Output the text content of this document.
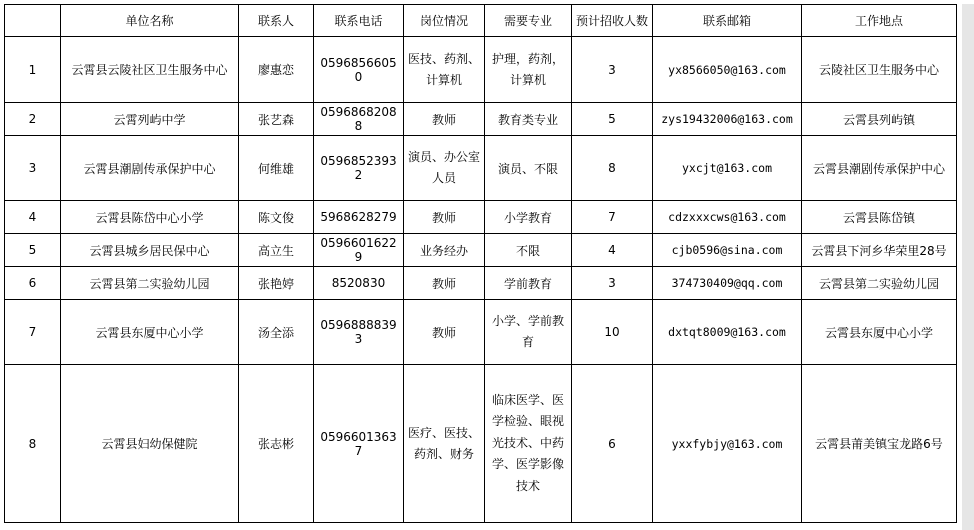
	单位名称	联系人	联系电话	岗位情况	需要专业	预计招收人数	联系邮箱	工作地点
1	云霄县云陵社区卫生服务中心	廖惠恋	05968566050	医技、药剂、计算机	护理，药剂，计算机	3	yx8566050@163.com	云陵社区卫生服务中心
2	云霄列屿中学	张艺森	05968682088	教师	教育类专业	5	zys19432006@163.com	云霄县列屿镇
3	云霄县潮剧传承保护中心	何维雄	05968523932	演员、办公室人员	演员、不限	8	yxcjt@163.com	云霄县潮剧传承保护中心
4	云霄县陈岱中心小学	陈文俊	5968628279	教师	小学教育	7	cdzxxxcws@163.com	云霄县陈岱镇
5	云霄县城乡居民保中心	高立生	05966016229	业务经办	不限	4	cjb0596@sina.com	云霄县下河乡华荣里28号
6	云霄县第二实验幼儿园	张艳婷	8520830	教师	学前教育	3	374730409@qq.com	云霄县第二实验幼儿园
7	云霄县东厦中心小学	汤全添	05968888393	教师	小学、学前教育	10	dxtqt8009@163.com	云霄县东厦中心小学
8	云霄县妇幼保健院	张志彬	05966013637	医疗、医技、药剂、财务	临床医学、医学检验、眼视光技术、中药学、医学影像技术	6	yxxfybjy@163.com	云霄县莆美镇宝龙路6号
